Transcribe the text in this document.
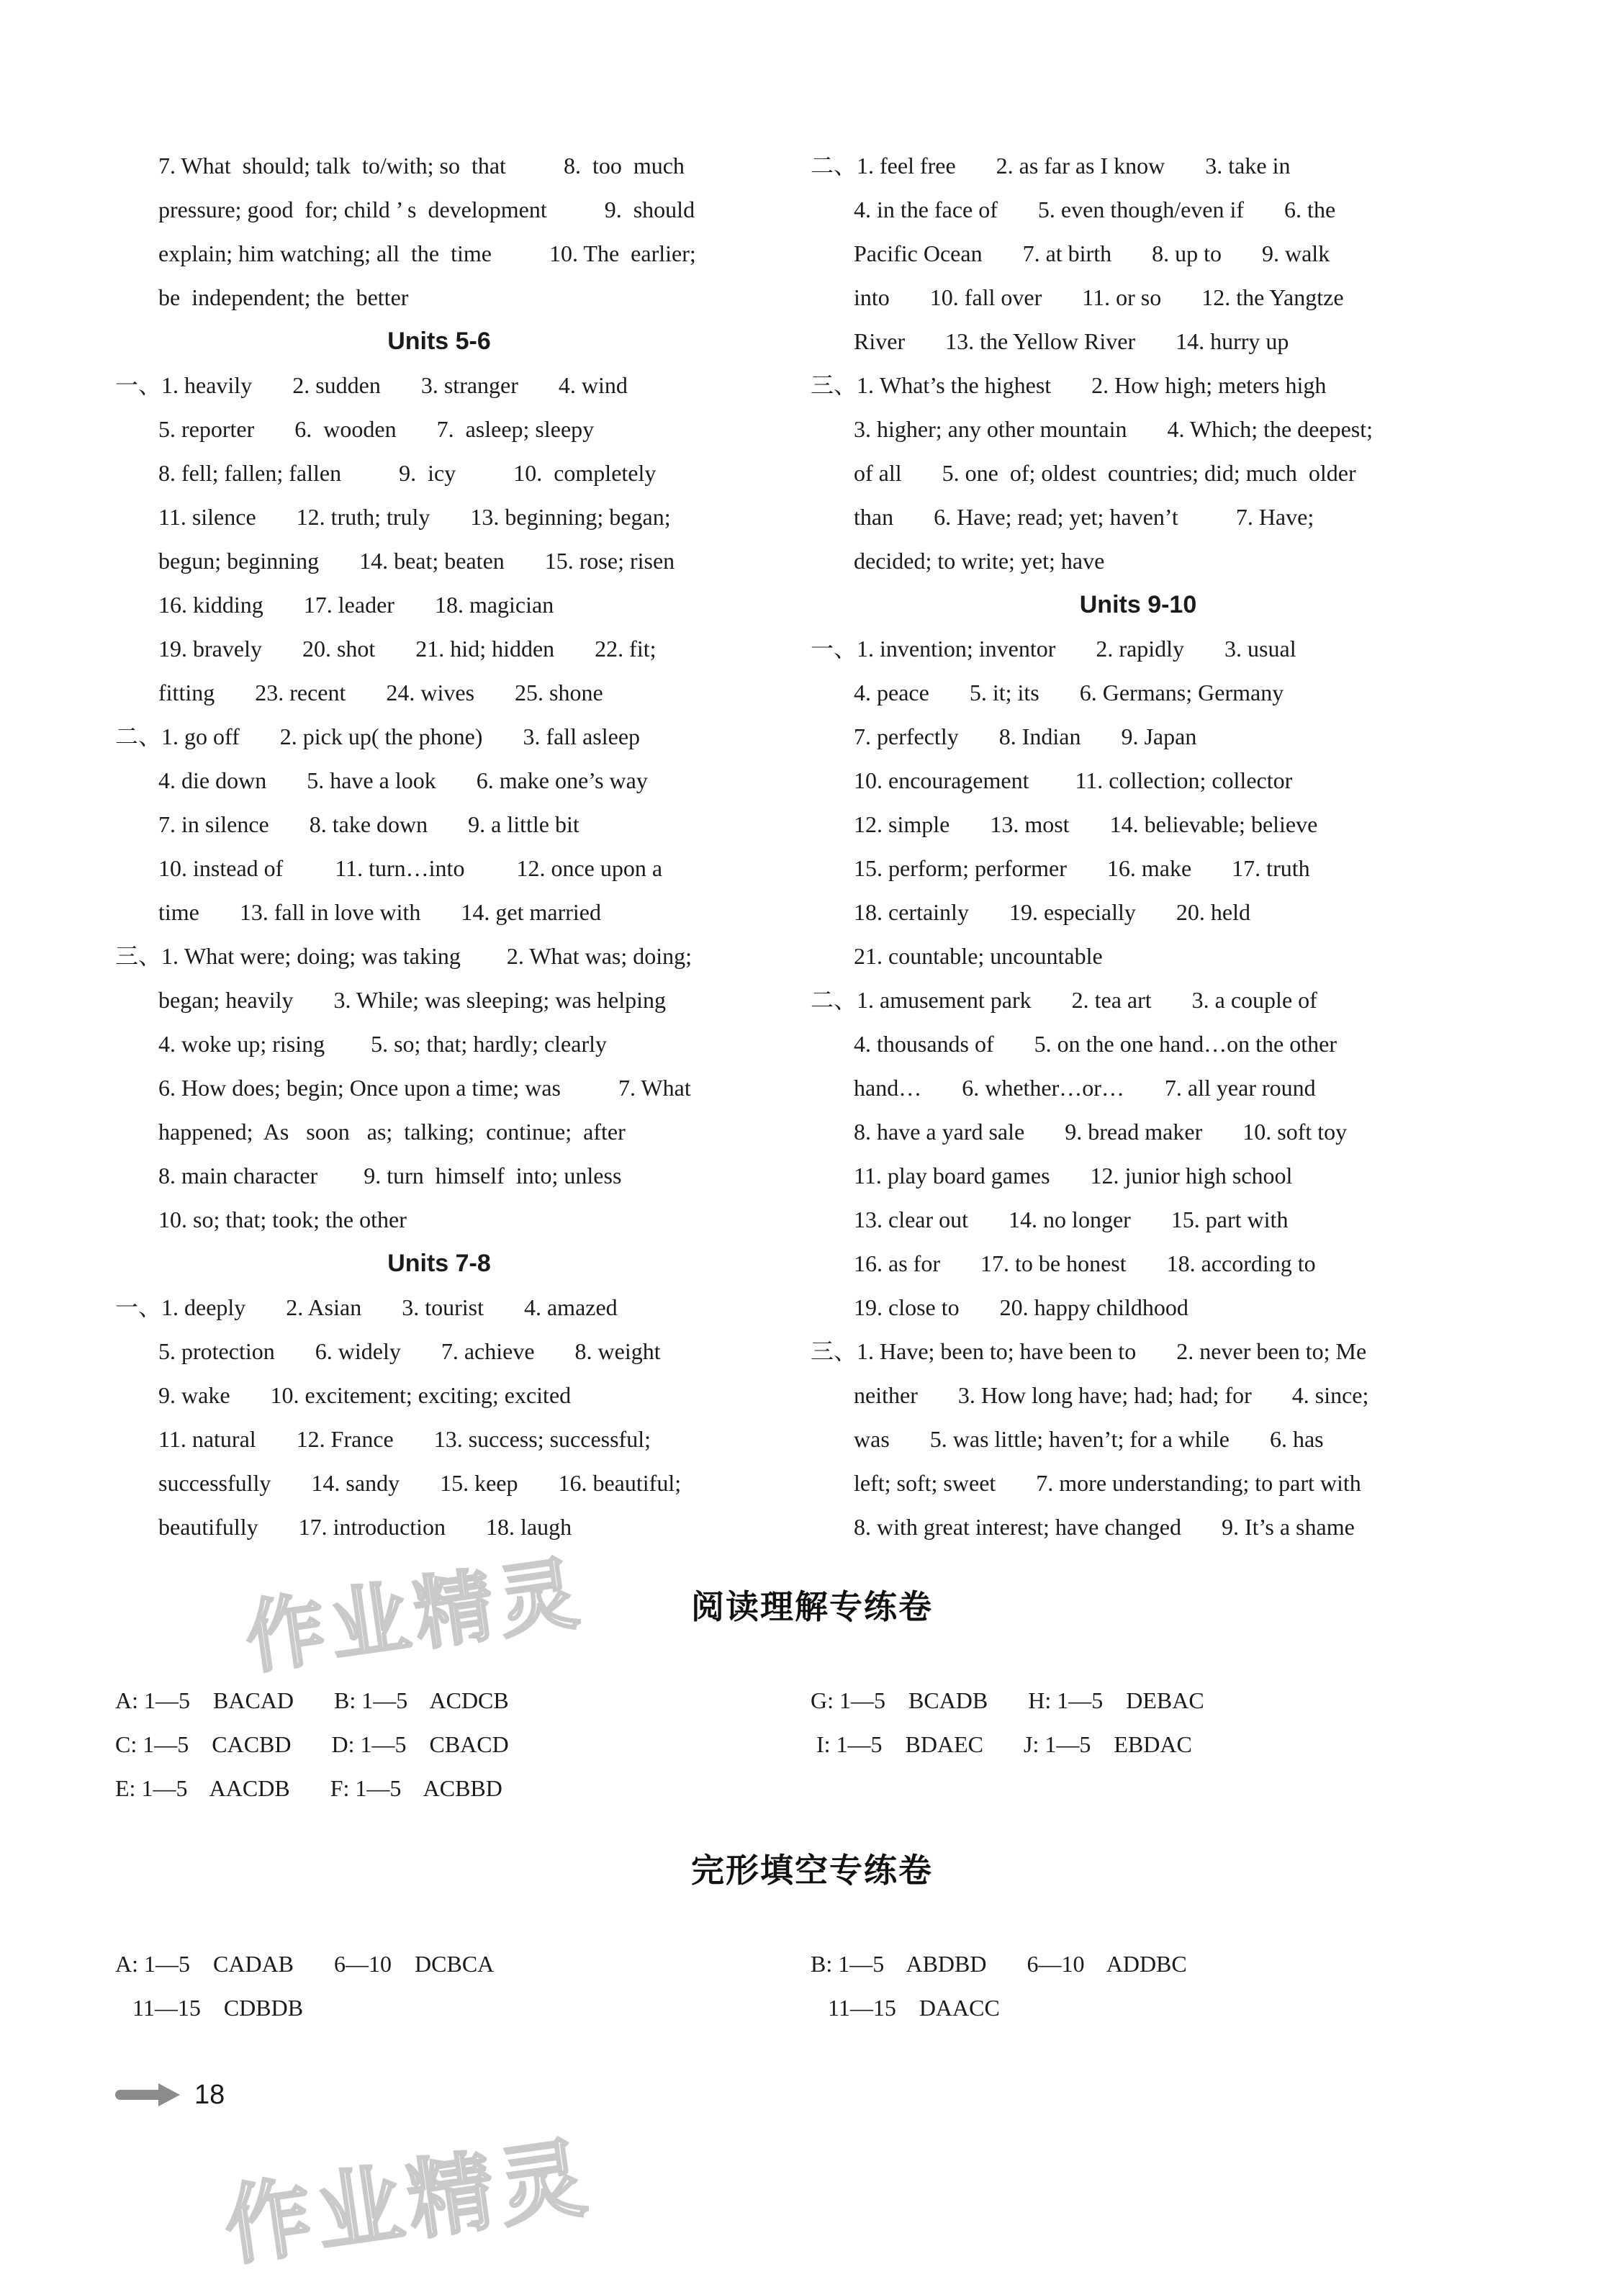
7. What  should; talk  to/with; so  that          8.  too  much
pressure; good  for; child ’ s  development          9.  should
explain; him watching; all  the  time          10. The  earlier;
be  independent; the  better
Units 5-6
一、1. heavily       2. sudden       3. stranger       4. wind
5. reporter       6.  wooden       7.  asleep; sleepy
8. fell; fallen; fallen          9.  icy          10.  completely
11. silence       12. truth; truly       13. beginning; began;
begun; beginning       14. beat; beaten       15. rose; risen
16. kidding       17. leader       18. magician
19. bravely       20. shot       21. hid; hidden       22. fit;
fitting       23. recent       24. wives       25. shone
二、1. go off       2. pick up( the phone)       3. fall asleep
4. die down       5. have a look       6. make one’s way
7. in silence       8. take down       9. a little bit
10. instead of         11. turn…into         12. once upon a
time       13. fall in love with       14. get married
三、1. What were; doing; was taking        2. What was; doing;
began; heavily       3. While; was sleeping; was helping
4. woke up; rising        5. so; that; hardly; clearly
6. How does; begin; Once upon a time; was          7. What
happened;  As   soon   as;  talking;  continue;  after
8. main character        9. turn  himself  into; unless
10. so; that; took; the other
Units 7-8
一、1. deeply       2. Asian       3. tourist       4. amazed
5. protection       6. widely       7. achieve       8. weight
9. wake       10. excitement; exciting; excited
11. natural       12. France       13. success; successful;
successfully       14. sandy       15. keep       16. beautiful;
beautifully       17. introduction       18. laugh
二、1. feel free       2. as far as I know       3. take in
4. in the face of       5. even though/even if       6. the
Pacific Ocean       7. at birth       8. up to       9. walk
into       10. fall over       11. or so       12. the Yangtze
River       13. the Yellow River       14. hurry up
三、1. What’s the highest       2. How high; meters high
3. higher; any other mountain       4. Which; the deepest;
of all       5. one  of; oldest  countries; did; much  older
than       6. Have; read; yet; haven’t          7. Have;
decided; to write; yet; have
Units 9-10
一、1. invention; inventor       2. rapidly       3. usual
4. peace       5. it; its       6. Germans; Germany
7. perfectly       8. Indian       9. Japan
10. encouragement        11. collection; collector
12. simple       13. most       14. believable; believe
15. perform; performer       16. make       17. truth
18. certainly       19. especially       20. held
21. countable; uncountable
二、1. amusement park       2. tea art       3. a couple of
4. thousands of       5. on the one hand…on the other
hand…       6. whether…or…       7. all year round
8. have a yard sale       9. bread maker       10. soft toy
11. play board games       12. junior high school
13. clear out       14. no longer       15. part with
16. as for       17. to be honest       18. according to
19. close to       20. happy childhood
三、1. Have; been to; have been to       2. never been to; Me
neither       3. How long have; had; had; for       4. since;
was       5. was little; haven’t; for a while       6. has
left; soft; sweet       7. more understanding; to part with
8. with great interest; have changed       9. It’s a shame
作业精灵	阅读理解专练卷
A: 1—5    BACAD       B: 1—5    ACDCB
C: 1—5    CACBD       D: 1—5    CBACD
E: 1—5    AACDB       F: 1—5    ACBBD
G: 1—5    BCADB       H: 1—5    DEBAC
I: 1—5    BDAEC       J: 1—5    EBDAC
完形填空专练卷
A: 1—5    CADAB       6—10    DCBCA
11—15    CDBDB
B: 1—5    ABDBD       6—10    ADDBC
11—15    DAACC
18
作业精灵
